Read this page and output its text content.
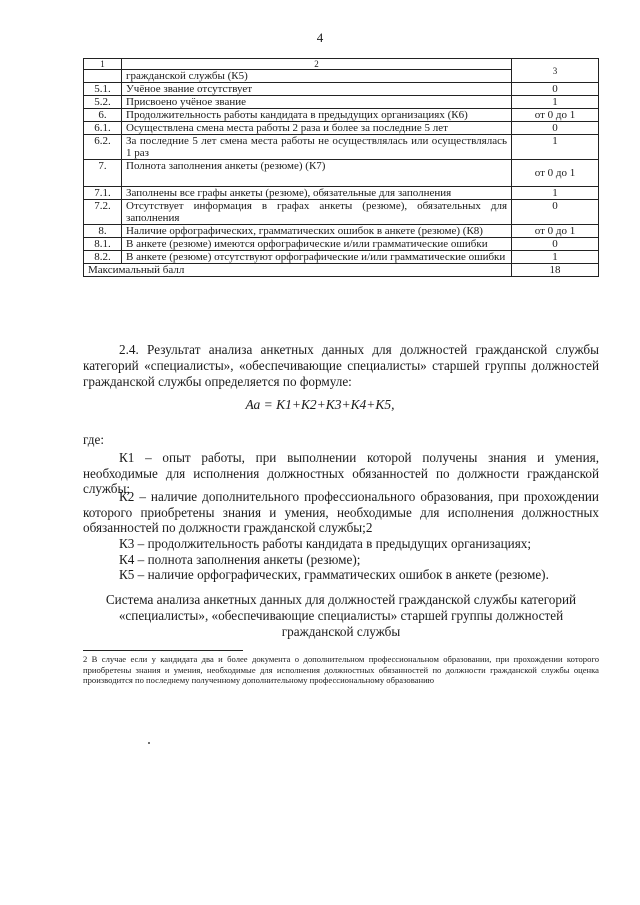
4
1	2	3
	гражданской службы (К5)	
5.1.	Учёное звание отсутствует	0
5.2.	Присвоено учёное звание	1
6.	Продолжительность работы кандидата в предыдущих организациях (К6)	от 0 до 1
6.1.	Осуществлена смена места работы 2 раза и более за последние 5 лет	0
6.2.	За последние 5 лет смена места работы не осуществлялась или осуществлялась 1 раз	1
7.	Полнота заполнения анкеты (резюме) (К7)	от 0 до 1
7.1.	Заполнены все графы анкеты (резюме), обязательные для заполнения	1
7.2.	Отсутствует информация в графах анкеты (резюме), обязательных для заполнения	0
8.	Наличие орфографических, грамматических ошибок в анкете (резюме) (К8)	от 0 до 1
8.1.	В анкете (резюме) имеются орфографические и/или грамматические ошибки	0
8.2.	В анкете (резюме) отсутствуют орфографические и/или грамматические ошибки	1
Максимальный балл		18
2.4. Результат анализа анкетных данных для должностей гражданской службы категорий «специалисты», «обеспечивающие специалисты» старшей группы должностей гражданской службы определяется по формуле:
Аа = К1+К2+К3+К4+К5,
где:
К1 – опыт работы, при выполнении которой получены знания и умения, необходимые для исполнения должностных обязанностей по должности гражданской службы;
К2 – наличие дополнительного профессионального образования, при прохождении которого приобретены знания и умения, необходимые для исполнения должностных обязанностей по должности гражданской службы;2
К3 – продолжительность работы кандидата в предыдущих организациях;
К4 – полнота заполнения анкеты (резюме);
К5 – наличие орфографических, грамматических ошибок в анкете (резюме).
Система анализа анкетных данных для должностей гражданской службы категорий «специалисты», «обеспечивающие специалисты» старшей группы должностей гражданской службы
2 В случае если у кандидата два и более документа о дополнительном профессиональном образовании, при прохождении которого приобретены знания и умения, необходимые для исполнения должностных обязанностей по должности гражданской службы оценка производится по последнему полученному дополнительному профессиональному образованию
